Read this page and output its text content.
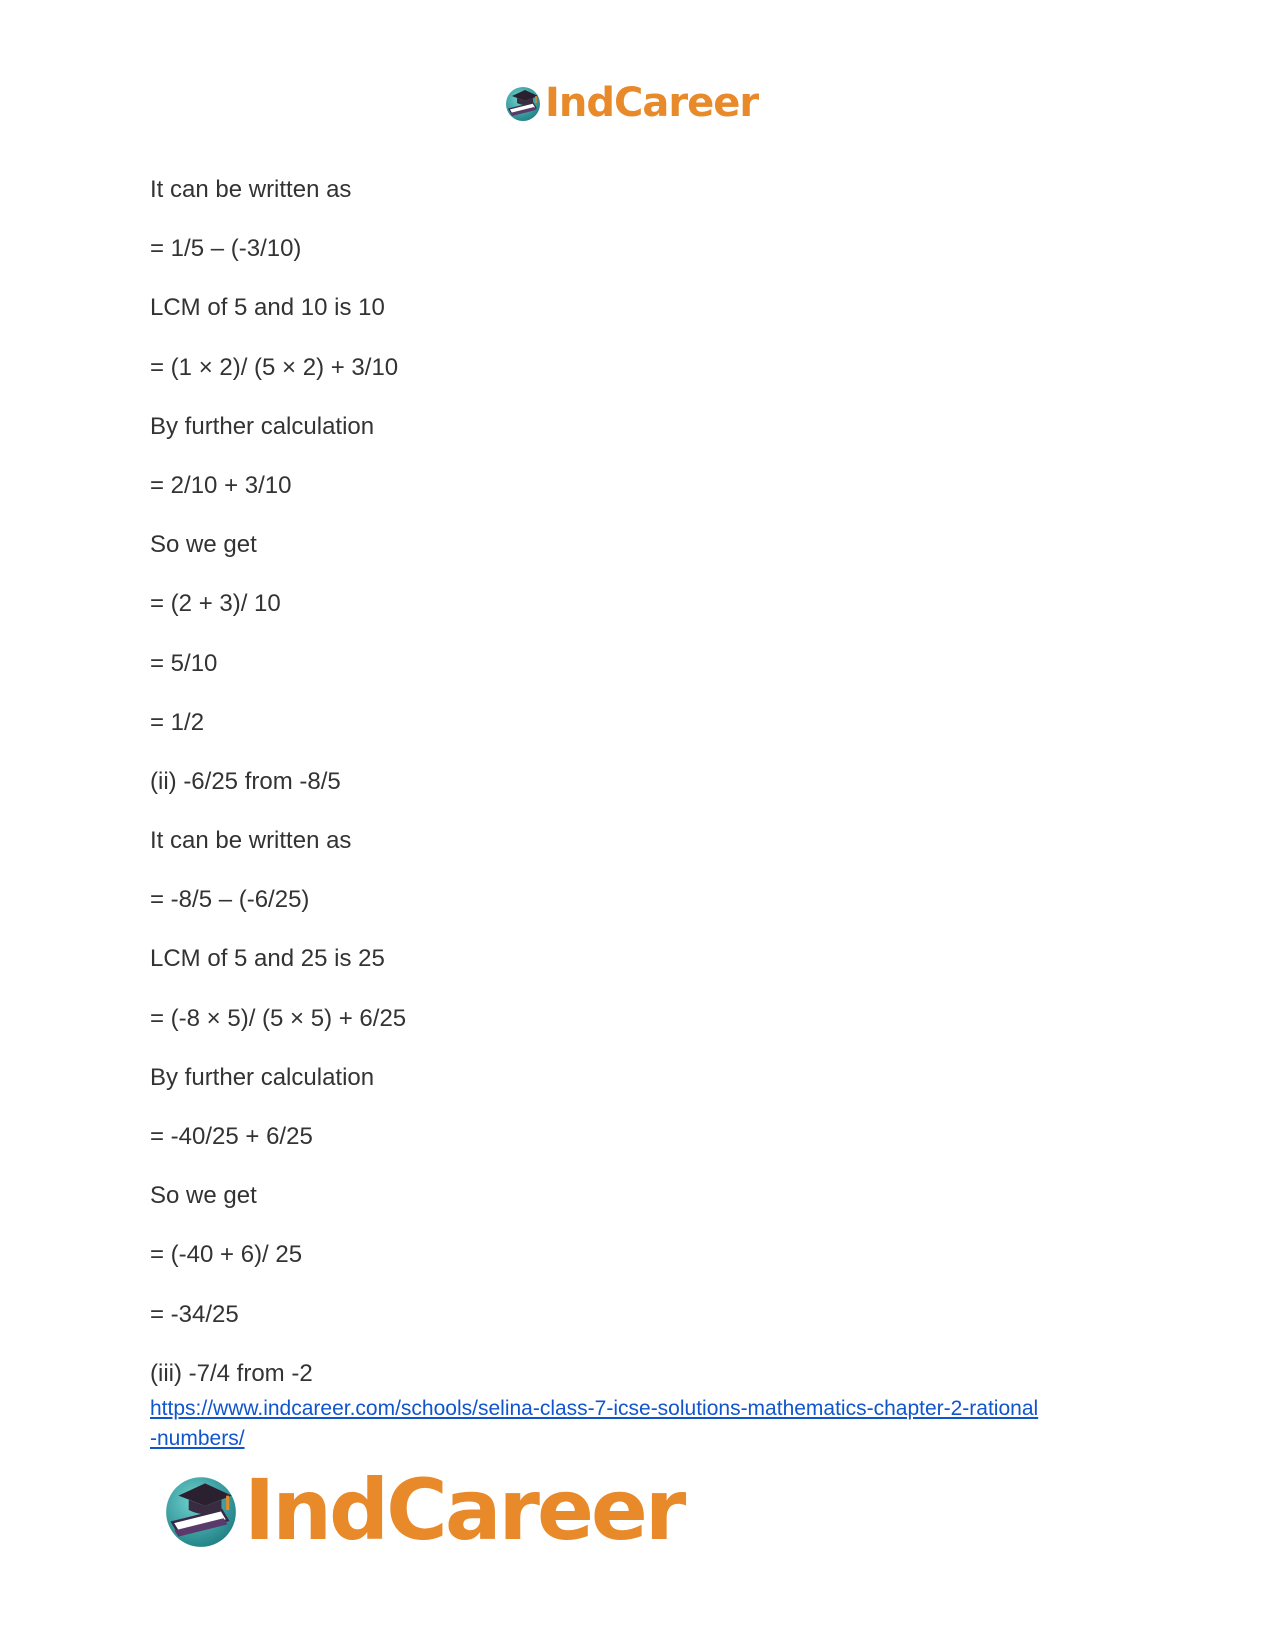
IndCareer
It can be written as
= 1/5 – (-3/10)
LCM of 5 and 10 is 10
= (1 × 2)/ (5 × 2) + 3/10
By further calculation
= 2/10 + 3/10
So we get
= (2 + 3)/ 10
= 5/10
= 1/2
(ii) -6/25 from -8/5
It can be written as
= -8/5 – (-6/25)
LCM of 5 and 25 is 25
= (-8 × 5)/ (5 × 5) + 6/25
By further calculation
= -40/25 + 6/25
So we get
= (-40 + 6)/ 25
= -34/25
(iii) -7/4 from -2
https://www.indcareer.com/schools/selina-class-7-icse-solutions-mathematics-chapter-2-rational
-numbers/
IndCareer
